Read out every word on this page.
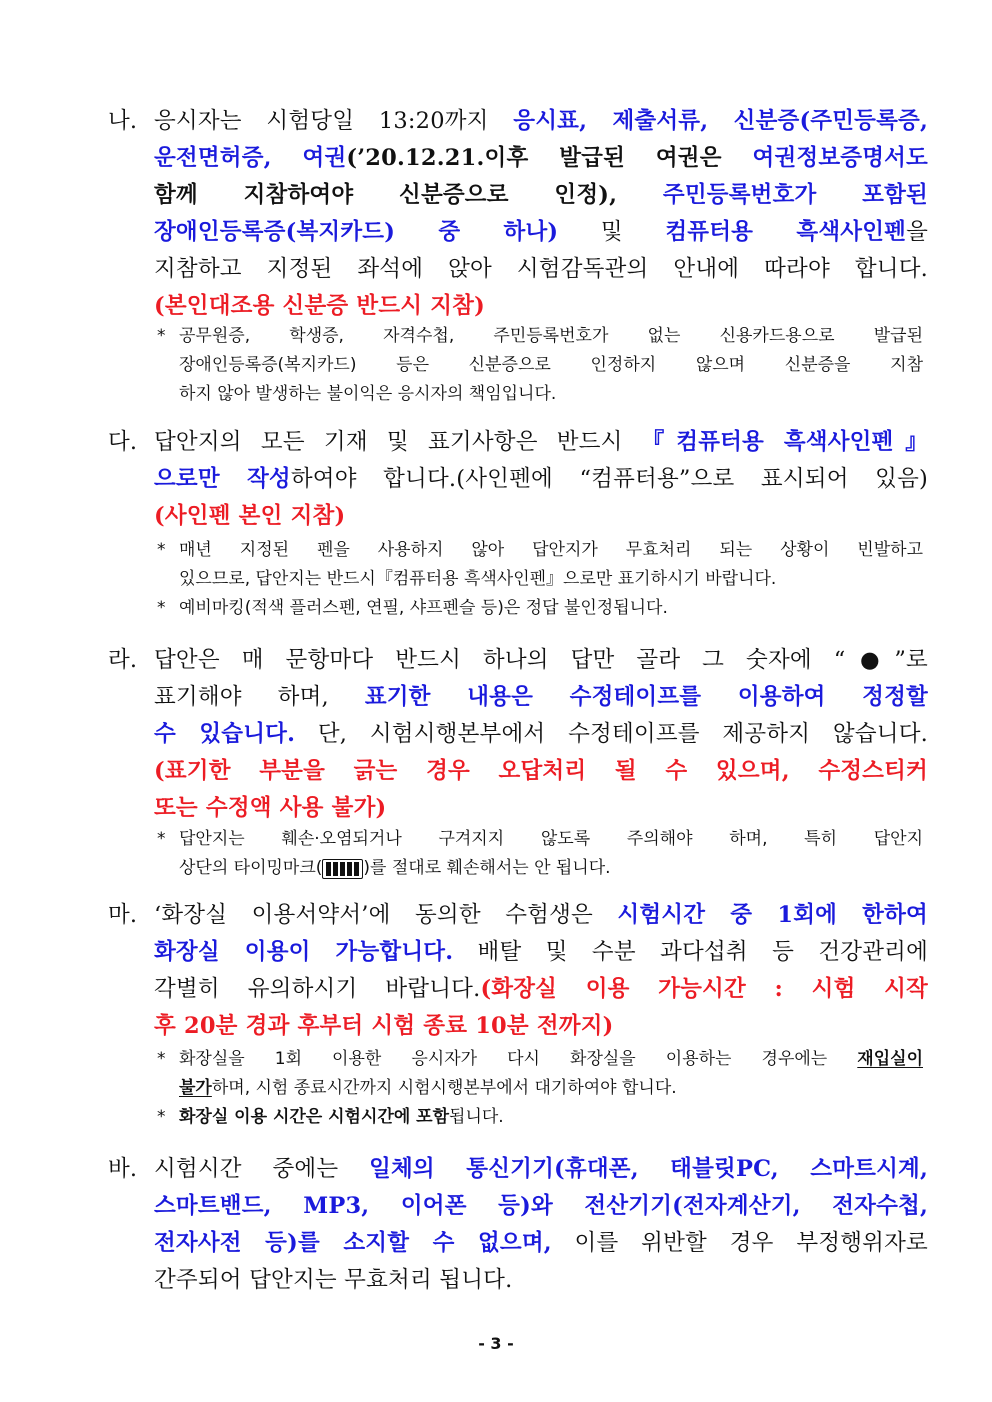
나. 응시자는 시험당일 13:20까지 응시표, 제출서류, 신분증(주민등록증,
운전면허증, 여권(’20.12.21.이후 발급된 여권은 여권정보증명서도
함께 지참하여야 신분증으로 인정), 주민등록번호가 포함된
장애인등록증(복지카드) 중 하나) 및 컴퓨터용 흑색사인펜을
지참하고 지정된 좌석에 앉아 시험감독관의 안내에 따라야 합니다.
(본인대조용 신분증 반드시 지참)
* 공무원증, 학생증, 자격수첩, 주민등록번호가 없는 신용카드용으로 발급된
장애인등록증(복지카드) 등은 신분증으로 인정하지 않으며 신분증을 지참
하지 않아 발생하는 불이익은 응시자의 책임입니다.
다. 답안지의 모든 기재 및 표기사항은 반드시 『컴퓨터용 흑색사인펜』
으로만 작성하여야 합니다.(사인펜에 “컴퓨터용”으로 표시되어 있음)
(사인펜 본인 지참)
* 매년 지정된 펜을 사용하지 않아 답안지가 무효처리 되는 상황이 빈발하고
있으므로, 답안지는 반드시『컴퓨터용 흑색사인펜』으로만 표기하시기 바랍니다.
* 예비마킹(적색 플러스펜, 연필, 샤프펜슬 등)은 정답 불인정됩니다.
라. 답안은 매 문항마다 반드시 하나의 답만 골라 그 숫자에 “●”로
표기해야 하며, 표기한 내용은 수정테이프를 이용하여 정정할
수 있습니다. 단, 시험시행본부에서 수정테이프를 제공하지 않습니다.
(표기한 부분을 긁는 경우 오답처리 될 수 있으며, 수정스티커
또는 수정액 사용 불가)
* 답안지는 훼손·오염되거나 구겨지지 않도록 주의해야 하며, 특히 답안지
상단의 타이밍마크( )를 절대로 훼손해서는 안 됩니다.
마. ‘화장실 이용서약서’에 동의한 수험생은 시험시간 중 1회에 한하여
화장실 이용이 가능합니다. 배탈 및 수분 과다섭취 등 건강관리에
각별히 유의하시기 바랍니다.(화장실 이용 가능시간 : 시험 시작
후 20분 경과 후부터 시험 종료 10분 전까지)
* 화장실을 1회 이용한 응시자가 다시 화장실을 이용하는 경우에는 재입실이
불가하며, 시험 종료시간까지 시험시행본부에서 대기하여야 합니다.
* 화장실 이용 시간은 시험시간에 포함됩니다.
바. 시험시간 중에는 일체의 통신기기(휴대폰, 태블릿PC, 스마트시계,
스마트밴드, MP3, 이어폰 등)와 전산기기(전자계산기, 전자수첩,
전자사전 등)를 소지할 수 없으며, 이를 위반할 경우 부정행위자로
간주되어 답안지는 무효처리 됩니다.
- 3 -
